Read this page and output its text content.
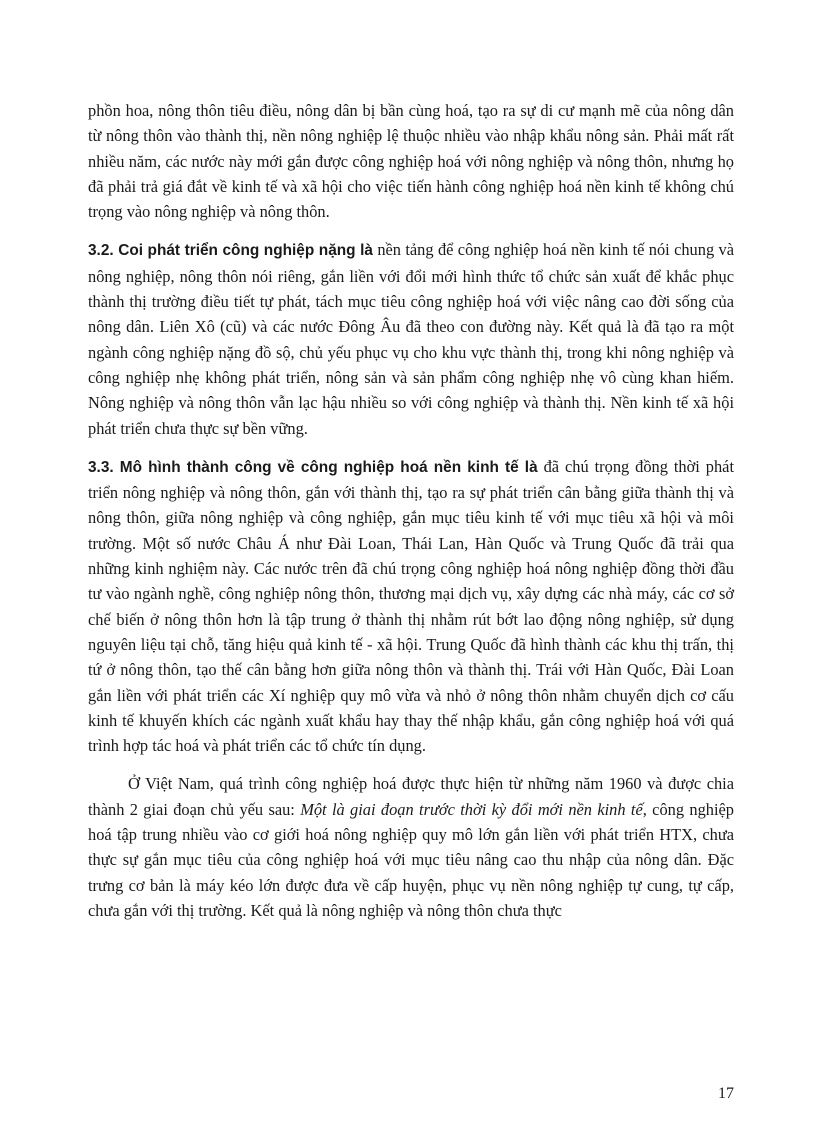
phồn hoa, nông thôn tiêu điều, nông dân bị bần cùng hoá, tạo ra sự di cư mạnh mẽ của nông dân từ nông thôn vào thành thị, nền nông nghiệp lệ thuộc nhiều vào nhập khẩu nông sản. Phải mất rất nhiều năm, các nước này mới gắn được công nghiệp hoá với nông nghiệp và nông thôn, nhưng họ đã phải trả giá đắt về kinh tế và xã hội cho việc tiến hành công nghiệp hoá nền kinh tế không chú trọng vào nông nghiệp và nông thôn.

3.2. Coi phát triển công nghiệp nặng là nền tảng để công nghiệp hoá nền kinh tế nói chung và nông nghiệp, nông thôn nói riêng, gắn liền với đổi mới hình thức tổ chức sản xuất để khắc phục thành thị trường điều tiết tự phát, tách mục tiêu công nghiệp hoá với việc nâng cao đời sống của nông dân. Liên Xô (cũ) và các nước Đông Âu đã theo con đường này. Kết quả là đã tạo ra một ngành công nghiệp nặng đồ sộ, chủ yếu phục vụ cho khu vực thành thị, trong khi nông nghiệp và công nghiệp nhẹ không phát triển, nông sản và sản phẩm công nghiệp nhẹ vô cùng khan hiếm. Nông nghiệp và nông thôn vẫn lạc hậu nhiều so với công nghiệp và thành thị. Nền kinh tế xã hội phát triển chưa thực sự bền vững.

3.3. Mô hình thành công về công nghiệp hoá nền kinh tế là đã chú trọng đồng thời phát triển nông nghiệp và nông thôn, gắn với thành thị, tạo ra sự phát triển cân bằng giữa thành thị và nông thôn, giữa nông nghiệp và công nghiệp, gắn mục tiêu kinh tế với mục tiêu xã hội và môi trường. Một số nước Châu Á như Đài Loan, Thái Lan, Hàn Quốc và Trung Quốc đã trải qua những kinh nghiệm này. Các nước trên đã chú trọng công nghiệp hoá nông nghiệp đồng thời đầu tư vào ngành nghề, công nghiệp nông thôn, thương mại dịch vụ, xây dựng các nhà máy, các cơ sở chế biến ở nông thôn hơn là tập trung ở thành thị nhằm rút bớt lao động nông nghiệp, sử dụng nguyên liệu tại chỗ, tăng hiệu quả kinh tế - xã hội. Trung Quốc đã hình thành các khu thị trấn, thị tứ ở nông thôn, tạo thế cân bằng hơn giữa nông thôn và thành thị. Trái với Hàn Quốc, Đài Loan gắn liền với phát triển các Xí nghiệp quy mô vừa và nhỏ ở nông thôn nhằm chuyển dịch cơ cấu kinh tế khuyến khích các ngành xuất khẩu hay thay thế nhập khẩu, gắn công nghiệp hoá với quá trình hợp tác hoá và phát triển các tổ chức tín dụng.

Ở Việt Nam, quá trình công nghiệp hoá được thực hiện từ những năm 1960 và được chia thành 2 giai đoạn chủ yếu sau: Một là giai đoạn trước thời kỳ đổi mới nền kinh tế, công nghiệp hoá tập trung nhiều vào cơ giới hoá nông nghiệp quy mô lớn gắn liền với phát triển HTX, chưa thực sự gắn mục tiêu của công nghiệp hoá với mục tiêu nâng cao thu nhập của nông dân. Đặc trưng cơ bản là máy kéo lớn được đưa về cấp huyện, phục vụ nền nông nghiệp tự cung, tự cấp, chưa gắn với thị trường. Kết quả là nông nghiệp và nông thôn chưa thực

17
